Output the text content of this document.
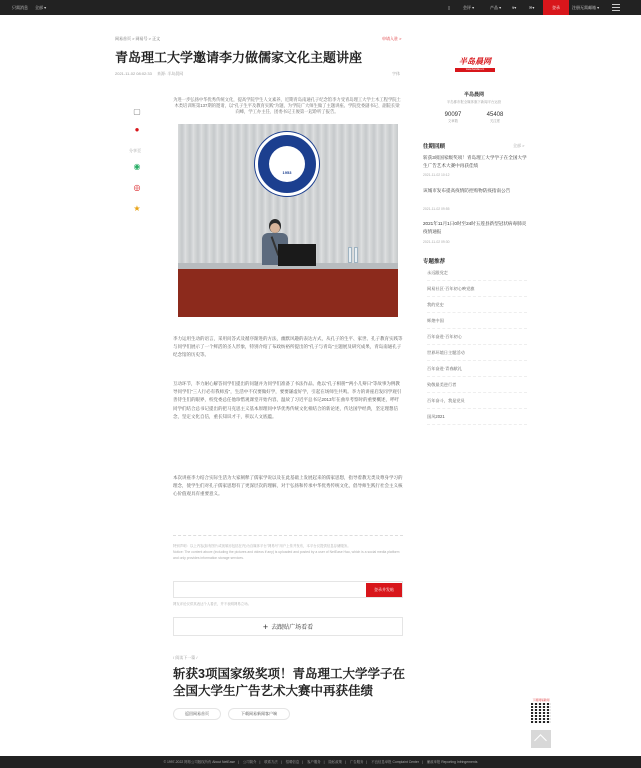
只需消息 全部 ▾	▯	会评 ▾	产品 ▾	¥▾	✉▾	登录	注册无需邮箱 ▾
网易首页 > 网易号 > 正文	申请入驻 >
青岛理工大学邀请李力做儒家文化主题讲座
2021-11-02 08:02:33 来源: 半岛晨网	字体
▢
●
分享至
◉
◎
★

为进一步弘扬中华优秀传统文化，提高学院学生人文素养，近期青岛南通孔子纪念馆李力受青岛理工大学土木工程学院土木类培训班第137期的邀请，以"孔子生平及教育实践"为题，为学院广大师生做了主题讲座。学院党委副书记、副院长梁向峰，学工办主任、团委书记王俊第一起聆听了报告。

1953

李力运用生动的语言，采用问答式及循序渐进的方法，幽默风趣的表达方式，从孔子的生平、家世、孔子教育实践等与同学们展示了一个鲜活的圣人形象，特别介绍了布政纺裕所提出的"孔子与青岛"主题展及研究成果，青岛南通孔子纪念馆的历史等。

互动环节，李力耐心解答同学们提出的问题并为同学们准备了书法作品。他以"孔子相册""两小儿辩日"等故事为例教导同学们"三人行必有我师焉"，生活中不仅要做好学，要要谦虚好学，引起在场师生共鸣。李力的讲座启发同学观引善待生们的眼界，校党委总任他珍惜观课堂开始内容，温故了习近平总书记2013年在曲阜考察时的重要概述，呼吁同学们结合总书记提出的把马克思主义基本原理同中华优秀传统文化相结合的新论述，传达国学经典，坚定理想信念，坚定文化自信，重长知识才干，积以人文底蕴。

本次讲座李力结合实际生活为大家阐释了儒家学说以及在此基础上发展起来的儒家思想，指导着教无类及尊身学习的理念，使学生们对孔子儒家思想有了更深层次的理解，对于弘扬和传承中华优秀传统文化，倡导师生践行社会主义核心价值观具有重要意义。

特别声明：以上内容(如有图片或视频亦包括在内)为自媒体平台"网易号"用户上传并发布，本平台仅提供信息存储服务。
Notice: The content above (including the pictures and videos if any) is uploaded and posted by a user of NetEase Hao, which is a social media platform and only provides information storage services.
登录并发帖
网友评论仅供其表达个人看法，并不表明网易立场。
+ 去跟贴广场看看
/ 阅读下一篇 /
斩获3项国家级奖项！青岛理工大学学子在全国大学生广告艺术大赛中再获佳绩
返回网易首页	下载网易新闻客户端
半岛晨网
www.bandao.cn
半岛晨网
半岛都市报全媒体旗下新闻平台运营
90097
文章数
45408
关注度
往期回顾	全部 >
斩获3项国家级奖项！青岛理工大学学子在全国大学生广告艺术大赛中再获佳绩
2021-11-02 10:12
该城市发布提高疫情防控购物防疫指南公告
2021-11-02 09:55
2021年11月1日0时至24时五莲县新型冠状病毒肺炎疫情通报
2021-11-02 09:30
专题推荐
永远跟党走
网易社区·百年初心映党旗
我的党史
辉煌中国
百年奋进·百年初心
世界环境日主题活动
百年奋进·青春献礼
致敬最美逆行者
百年奋斗，我是党员
国风2021
下载网易新闻
© 1997-2022 网易公司版权所有 About NetEase | 公司简介 | 联系方法 | 招聘信息 | 客户服务 | 隐私政策 | 广告服务 | 不良信息举报 Complaint Center | 廉政举报 Reporting Infringements
